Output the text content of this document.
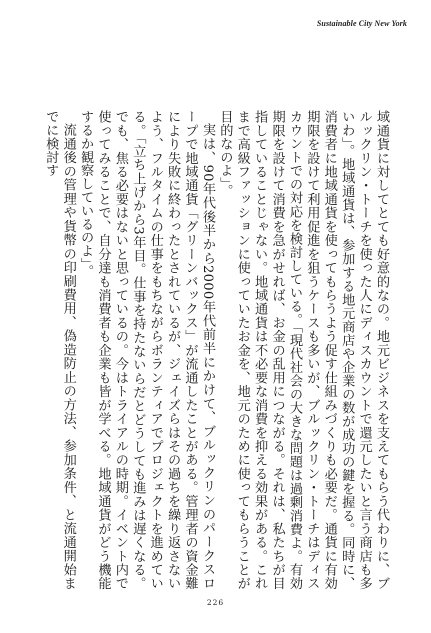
Sustainable City New York

域通貨に対してとても好意的なの。地元ビジネスを支えてもらう代わりに、ブルックリン・トーチを使った人にディスカウントで還元したいと言う商店も多いわ」。地域通貨は、参加する地元商店や企業の数が成功の鍵を握る。同時に、消費者に地域通貨を使ってもらうよう促す仕組みづくりも必要だ。通貨に有効期限を設けて利用促進を狙うケースも多いが、ブルックリン・トーチはディスカウントでの対応を検討している。「現代社会の大きな問題は過剰消費よ。有効期限を設けて消費を急がせれば、お金の乱用につながる。それは、私たちが目指していることじゃない。地域通貨は不必要な消費を抑える効果がある。これまで高級ファッションに使っていたお金を、地元のために使ってもらうことが目的なのよ」。

実は、90年代後半から2000年代前半にかけて、ブルックリンのパークスロープで地域通貨「グリーンバックス」が流通したことがある。管理者の資金難により失敗に終わったとされているが、ジェイズらはその過ちを繰り返さないよう、フルタイムの仕事をもちながらボランティアでプロジェクトを進めている。「立ち上げから3年目。仕事を持たないらだとどうしても進みは遅くなる。でも、焦る必要はないと思っているの。今はトライアルの時期。イベント内で使ってみることで、自分達も消費者も企業も皆が学べる。地域通貨がどう機能するか観察しているのよ」。

流通後の管理や貨幣の印刷費用、偽造防止の方法、参加条件、と流通開始までに検討す

226
